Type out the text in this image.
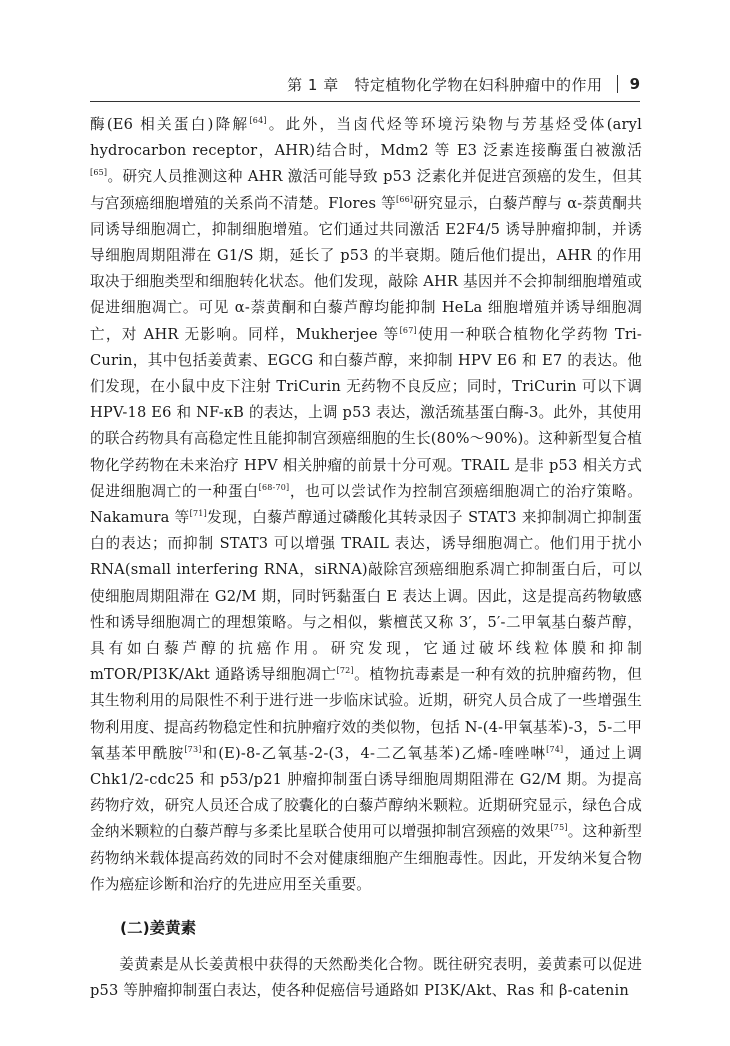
第 1 章 特定植物化学物在妇科肿瘤中的作用 9

酶(E6 相关蛋白)降解[64]。此外，当卤代烃等环境污染物与芳基烃受体(aryl hydrocarbon receptor，AHR)结合时，Mdm2 等 E3 泛素连接酶蛋白被激活[65]。研究人员推测这种 AHR 激活可能导致 p53 泛素化并促进宫颈癌的发生，但其与宫颈癌细胞增殖的关系尚不清楚。Flores 等[66]研究显示，白藜芦醇与 α-萘黄酮共同诱导细胞凋亡，抑制细胞增殖。它们通过共同激活 E2F4/5 诱导肿瘤抑制，并诱导细胞周期阻滞在 G1/S 期，延长了 p53 的半衰期。随后他们提出，AHR 的作用取决于细胞类型和细胞转化状态。他们发现，敲除 AHR 基因并不会抑制细胞增殖或促进细胞凋亡。可见 α-萘黄酮和白藜芦醇均能抑制 HeLa 细胞增殖并诱导细胞凋亡，对 AHR 无影响。同样，Mukherjee 等[67]使用一种联合植物化学药物 Tri-Curin，其中包括姜黄素、EGCG 和白藜芦醇，来抑制 HPV E6 和 E7 的表达。他们发现，在小鼠中皮下注射 TriCurin 无药物不良反应；同时，TriCurin 可以下调 HPV-18 E6 和 NF-κB 的表达，上调 p53 表达，激活巯基蛋白酶-3。此外，其使用的联合药物具有高稳定性且能抑制宫颈癌细胞的生长(80%～90%)。这种新型复合植物化学药物在未来治疗 HPV 相关肿瘤的前景十分可观。TRAIL 是非 p53 相关方式促进细胞凋亡的一种蛋白[68-70]，也可以尝试作为控制宫颈癌细胞凋亡的治疗策略。Nakamura 等[71]发现，白藜芦醇通过磷酸化其转录因子 STAT3 来抑制凋亡抑制蛋白的表达；而抑制 STAT3 可以增强 TRAIL 表达，诱导细胞凋亡。他们用于扰小 RNA(small interfering RNA，siRNA)敲除宫颈癌细胞系凋亡抑制蛋白后，可以使细胞周期阻滞在 G2/M 期，同时钙黏蛋白 E 表达上调。因此，这是提高药物敏感性和诱导细胞凋亡的理想策略。与之相似，紫檀芪又称 3′，5′-二甲氧基白藜芦醇，具有如白藜芦醇的抗癌作用。研究发现，它通过破坏线粒体膜和抑制 mTOR/PI3K/Akt 通路诱导细胞凋亡[72]。植物抗毒素是一种有效的抗肿瘤药物，但其生物利用的局限性不利于进行进一步临床试验。近期，研究人员合成了一些增强生物利用度、提高药物稳定性和抗肿瘤疗效的类似物，包括 N-(4-甲氧基苯)-3，5-二甲氧基苯甲酰胺[73]和(E)-8-乙氧基-2-(3，4-二乙氧基苯)乙烯-喹唑啉[74]，通过上调 Chk1/2-cdc25 和 p53/p21 肿瘤抑制蛋白诱导细胞周期阻滞在 G2/M 期。为提高药物疗效，研究人员还合成了胶囊化的白藜芦醇纳米颗粒。近期研究显示，绿色合成金纳米颗粒的白藜芦醇与多柔比星联合使用可以增强抑制宫颈癌的效果[75]。这种新型药物纳米载体提高药效的同时不会对健康细胞产生细胞毒性。因此，开发纳米复合物作为癌症诊断和治疗的先进应用至关重要。

(二)姜黄素

姜黄素是从长姜黄根中获得的天然酚类化合物。既往研究表明，姜黄素可以促进 p53 等肿瘤抑制蛋白表达，使各种促癌信号通路如 PI3K/Akt、Ras 和 β-catenin
